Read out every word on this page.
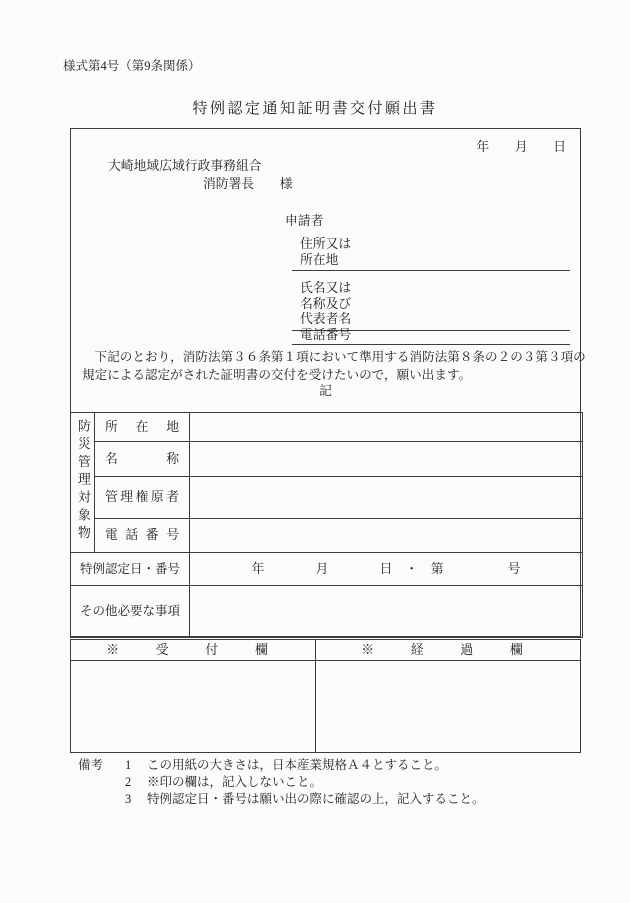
様式第4号（第9条関係）
特例認定通知証明書交付願出書
年　　月　　日
大崎地域広域行政事務組合
消防署長　　様
申請者
住所又は
所在地
氏名又は
名称及び
代表者名
電話番号
　下記のとおり，消防法第３６条第１項において準用する消防法第８条の２の３第３項の
規定による認定がされた証明書の交付を受けたいので，願い出ます。
記
防災管理対象物	所在地	
	名称	
	管理権原者	
	電話番号	
特例認定日・番号		年　　　　月　　　　日　・　第　　　　　号
その他必要な事項		
※　受　付　欄	※　経　過　欄

備考 1 この用紙の大きさは，日本産業規格Ａ４とすること。
2 ※印の欄は，記入しないこと。
3 特例認定日・番号は願い出の際に確認の上，記入すること。
